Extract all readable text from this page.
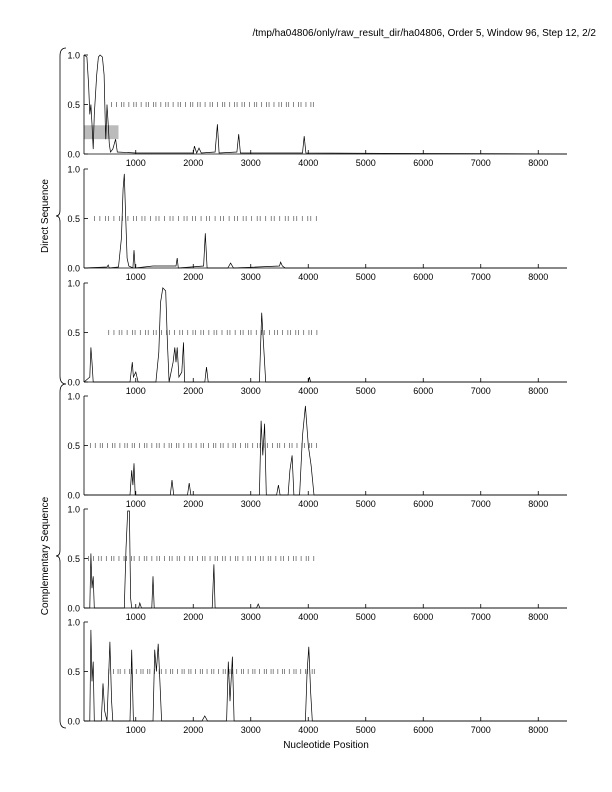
/tmp/ha04806/only/raw_result_dir/ha04806, Order 5, Window 96, Step 12, 2/2
0.0
0.5
1.0
1000	2000	3000	4000	5000	6000	7000	8000
0.0
0.5
1.0
1000	2000	3000	4000	5000	6000	7000	8000
0.0
0.5
1.0
1000	2000	3000	4000	5000	6000	7000	8000
0.0
0.5
1.0
1000	2000	3000	4000	5000	6000	7000	8000
0.0
0.5
1.0
1000	2000	3000	4000	5000	6000	7000	8000
0.0
0.5
1.0
1000	2000	3000	4000	5000	6000	7000	8000
Direct Sequence
Complementary Sequence
Nucleotide Position
